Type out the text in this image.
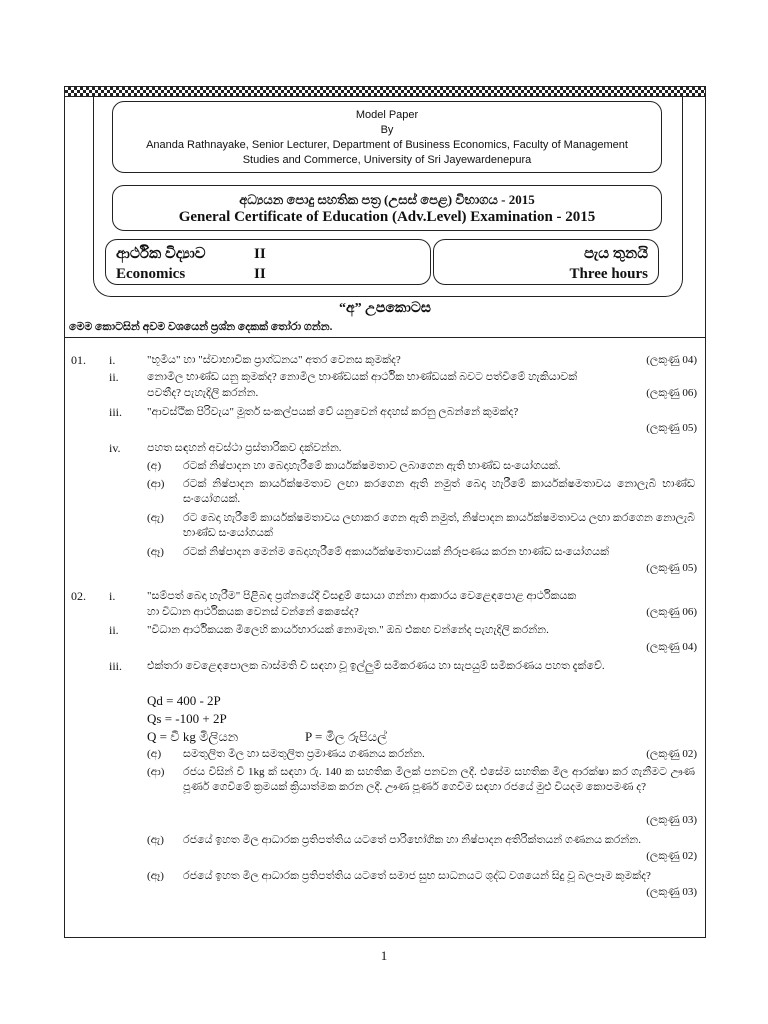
Model Paper
By
Ananda Rathnayake, Senior Lecturer, Department of Business Economics, Faculty of Management
Studies and Commerce, University of Sri Jayewardenepura
අධ්‍යයන පොදු සහතික පත්‍ර (උසස් පෙළ) විභාගය - 2015
General Certificate of Education (Adv.Level) Examination - 2015
ආර්ථික විද්‍යාව	II
Economics	II
පැය තුනයි
Three hours
“අ” උපකොටස
මෙම කොටසින් අවම වශයෙන් ප්‍රශ්න දෙකක් තෝරා ගන්න.
01. i.	"භූමිය" හා "ස්වාභාවික ප්‍රාග්ධනය" අතර වෙනස කුමක්ද?	(ලකුණු 04)
ii.	නොමිල භාණ්ඩ යනු කුමක්ද? නොමිල භාණ්ඩයක් ආර්ථික භාණ්ඩයක් බවට පත්වීමේ හැකියාවක්
පවතීද? පැහැදිලි කරන්න.	(ලකුණු 06)
iii. "ආවස්ථික පිරිවැය" මූර්ත සංකල්පයක් වේ යනුවෙන් අදහස් කරනු ලබන්නේ කුමක්ද?
(ලකුණු 05)
iv. පහත සඳහන් අවස්ථා ප්‍රස්තාරිකව දක්වන්න.
(අ) රටක් නිෂ්පාදන හා බෙදාහැරීමේ කාර්යක්ෂමතාව ලබාගෙන ඇති භාණ්ඩ සංයෝගයක්.
(ආ) රටක් නිෂ්පාදන කාර්යක්ෂමතාව ලඟා කරගෙන ඇති නමුත් බෙදා හැරීමේ කාර්යක්ෂමතාවය නොලැබී භාණ්ඩ සංයෝගයක්.
(ඇ) රට බෙදා හැරීමේ කාර්යක්ෂමතාවය ලඟාකර ගෙන ඇති නමුත්, නිෂ්පාදන කාර්යක්ෂමතාවය ලඟා කරගෙන නොලැබී භාණ්ඩ සංයෝගයක්
(ඈ) රටක් නිෂ්පාදන මෙන්ම බෙදාහැරීමේ අකාර්යක්ෂමතාවයක් නිරූපණය කරන භාණ්ඩ සංයෝගයක්
(ලකුණු 05)
02. i.	"සම්පත් බෙදා හැරීම" පිළිබඳ ප්‍රශ්නයේදී විසඳුම් සොයා ගන්නා ආකාරය වෙළෙඳපොළ ආර්ථිකයක
හා විධාන ආර්ථිකයක වෙනස් වන්නේ කෙසේද?	(ලකුණු 06)
ii.	"විධාන ආර්ථිකයක මිලෙහි කාර්යභාරයක් නොමැත." ඔබ එකඟ වන්නේද පැහැදිලි කරන්න.
(ලකුණු 04)
iii. එක්තරා වෙළෙඳපොලක බාස්මති වී සඳහා වූ ඉල්ලුම් සමීකරණය හා සැපයුම් සමීකරණය පහත දැක්වේ.
Qd = 400 - 2P
Qs = -100 + 2P
Q = වී kg මිලියන	P = මිල රුපියල්
(අ) සමතුලිත මිල හා සමතුලිත ප්‍රමාණය ගණනය කරන්න.	(ලකුණු 02)
(ආ) රජය විසින් වී 1kg ක් සඳහා රු. 140 ක සහතික මිලක් පනවන ලදී. එසේම සහතික මිල ආරක්ෂා කර ගැනීමට ඌණ පූර්ණ ගෙවීමේ ක්‍රමයක් ක්‍රියාත්මක කරන ලදී. ඌණ පූර්ණ ගෙවීම සඳහා රජයේ මුළු වියදම කොපමණ ද?
(ලකුණු 03)
(ඇ) රජයේ ඉහත මිල ආධාරක ප්‍රතිපත්තිය යටතේ පාරිභෝගික හා නිෂ්පාදන අතිරික්තයන් ගණනය කරන්න.
(ලකුණු 02)
(ඈ) රජයේ ඉහත මිල ආධාරක ප්‍රතිපත්තිය යටතේ සමාජ සුභ සාධනයට ශුද්ධ වශයෙන් සිදු වූ බලපෑම කුමක්ද?
(ලකුණු 03)
1
